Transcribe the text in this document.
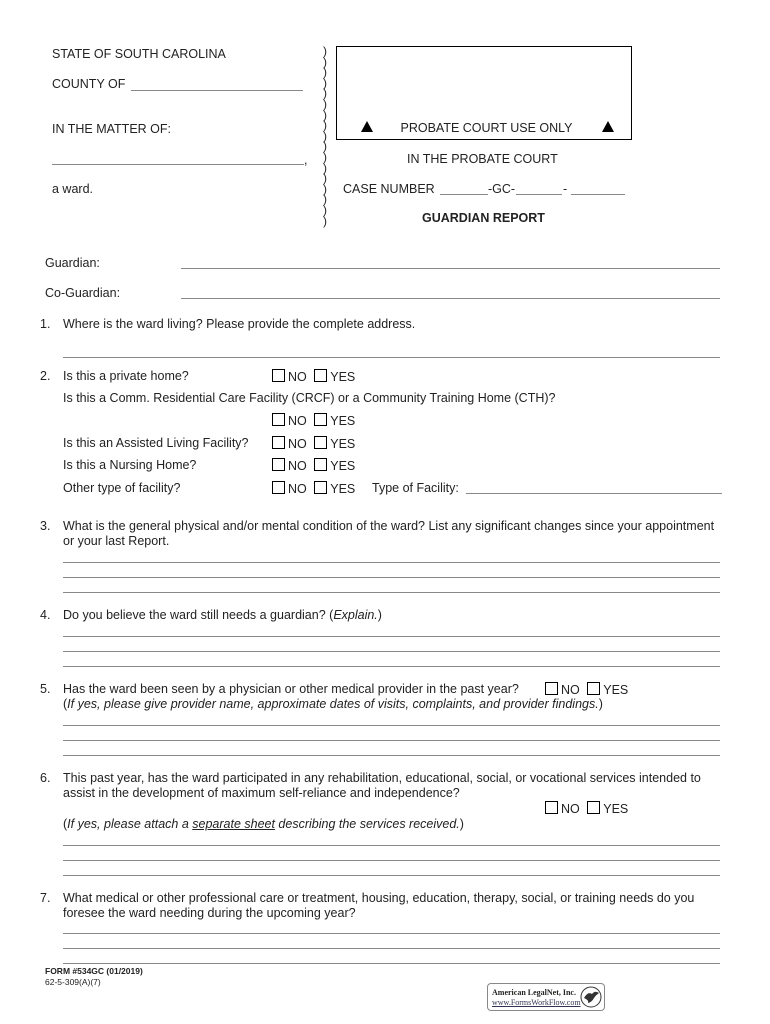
STATE OF SOUTH CAROLINA
COUNTY OF
IN THE MATTER OF:
,
a ward.
)
)
)
)
)
)
)
)
)
)
)
)
)
)
)
)
)
PROBATE COURT USE ONLY
IN THE PROBATE COURT
CASE NUMBER	-GC-	-
GUARDIAN REPORT
Guardian:
Co-Guardian:
1. Where is the ward living? Please provide the complete address.
2. Is this a private home?	NO YES
Is this a Comm. Residential Care Facility (CRCF) or a Community Training Home (CTH)?
NO YES
Is this an Assisted Living Facility?	NO YES
Is this a Nursing Home?	NO YES
Other type of facility?	NO YES Type of Facility:
3. What is the general physical and/or mental condition of the ward? List any significant changes since your appointment
or your last Report.
4. Do you believe the ward still needs a guardian? (Explain.)
5. Has the ward been seen by a physician or other medical provider in the past year?	NO YES
(If yes, please give provider name, approximate dates of visits, complaints, and provider findings.)
6. This past year, has the ward participated in any rehabilitation, educational, social, or vocational services intended to
assist in the development of maximum self-reliance and independence?
NO YES
(If yes, please attach a separate sheet describing the services received.)
7. What medical or other professional care or treatment, housing, education, therapy, social, or training needs do you
foresee the ward needing during the upcoming year?
FORM #534GC (01/2019)
62-5-309(A)(7)
American LegalNet, Inc.
www.FormsWorkFlow.com
